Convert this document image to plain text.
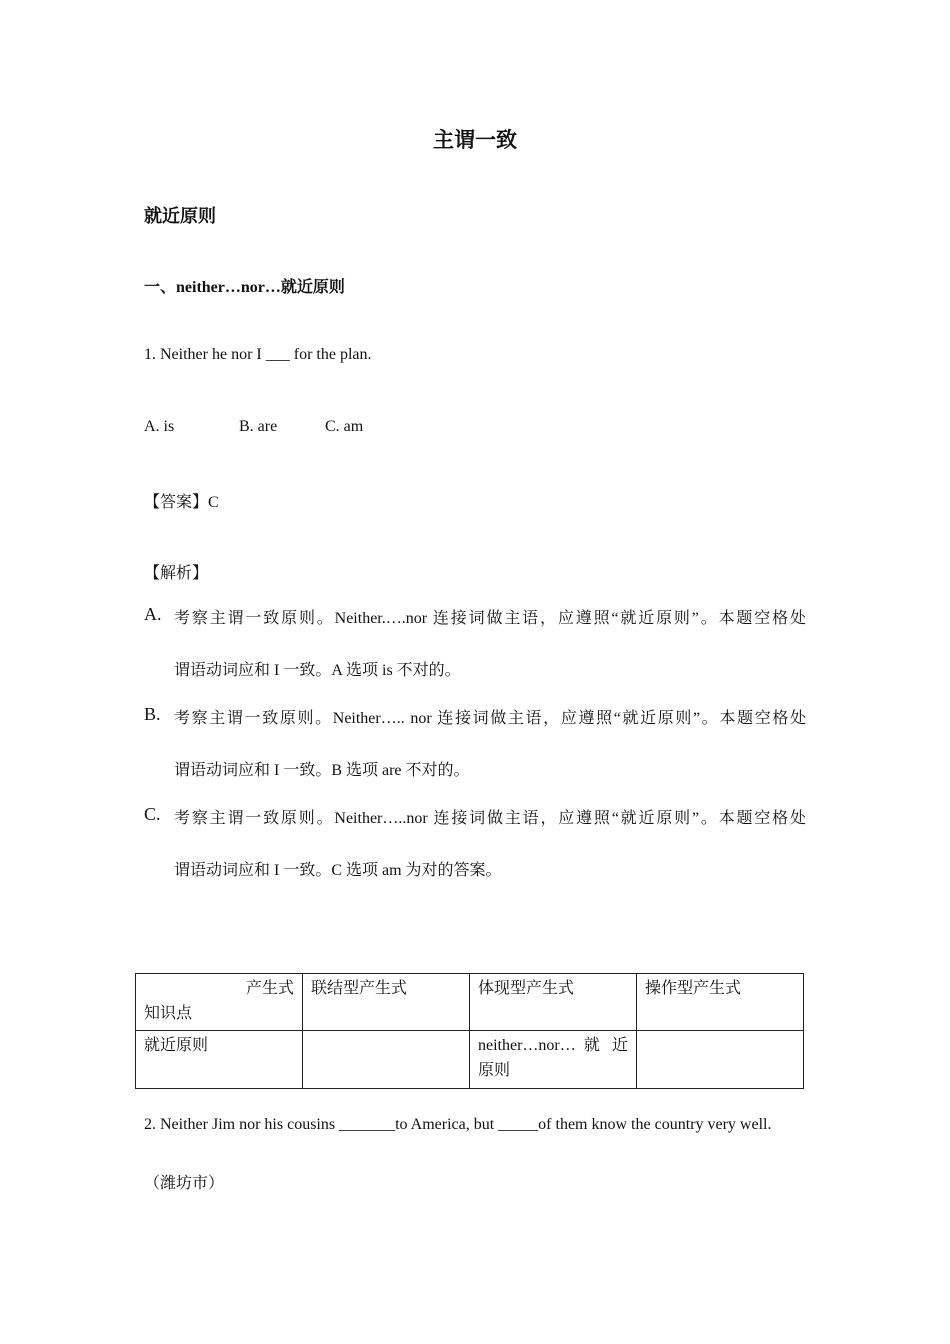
主谓一致
就近原则
一、neither…nor…就近原则
1. Neither he nor I ___ for the plan.
A. is	B. are	C. am
【答案】C
【解析】
A. 考察主谓一致原则。Neither.….nor 连接词做主语，应遵照“就近原则”。本题空格处
谓语动词应和 I 一致。A 选项 is 不对的。
B. 考察主谓一致原则。Neither….. nor 连接词做主语，应遵照“就近原则”。本题空格处
谓语动词应和 I 一致。B 选项 are 不对的。
C. 考察主谓一致原则。Neither…..nor 连接词做主语，应遵照“就近原则”。本题空格处
谓语动词应和 I 一致。C 选项 am 为对的答案。
产生式
知识点	联结型产生式	体现型产生式	操作型产生式
就近原则		neither…nor… 就 近 原则	
2. Neither Jim nor his cousins _______to America, but _____of them know the country very well.
（潍坊市）
